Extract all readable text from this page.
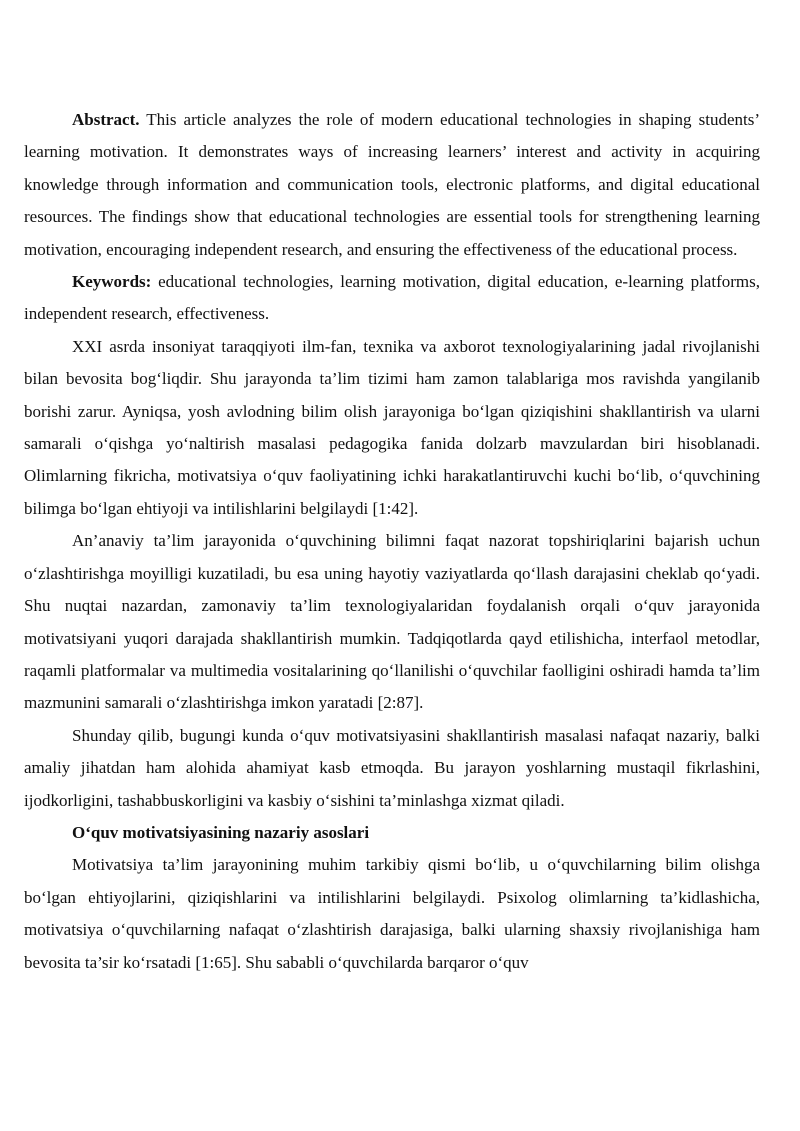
Abstract. This article analyzes the role of modern educational technologies in shaping students’ learning motivation. It demonstrates ways of increasing learners’ interest and activity in acquiring knowledge through information and communication tools, electronic platforms, and digital educational resources. The findings show that educational technologies are essential tools for strengthening learning motivation, encouraging independent research, and ensuring the effectiveness of the educational process.

Keywords: educational technologies, learning motivation, digital education, e-learning platforms, independent research, effectiveness.

XXI asrda insoniyat taraqqiyoti ilm-fan, texnika va axborot texnologiyalarining jadal rivojlanishi bilan bevosita bog‘liqdir. Shu jarayonda ta’lim tizimi ham zamon talablariga mos ravishda yangilanib borishi zarur. Ayniqsa, yosh avlodning bilim olish jarayoniga bo‘lgan qiziqishini shakllantirish va ularni samarali o‘qishga yo‘naltirish masalasi pedagogika fanida dolzarb mavzulardan biri hisoblanadi. Olimlarning fikricha, motivatsiya o‘quv faoliyatining ichki harakatlantiruvchi kuchi bo‘lib, o‘quvchining bilimga bo‘lgan ehtiyoji va intilishlarini belgilaydi [1:42].

An’anaviy ta’lim jarayonida o‘quvchining bilimni faqat nazorat topshiriqlarini bajarish uchun o‘zlashtirishga moyilligi kuzatiladi, bu esa uning hayotiy vaziyatlarda qo‘llash darajasini cheklab qo‘yadi. Shu nuqtai nazardan, zamonaviy ta’lim texnologiyalaridan foydalanish orqali o‘quv jarayonida motivatsiyani yuqori darajada shakllantirish mumkin. Tadqiqotlarda qayd etilishicha, interfaol metodlar, raqamli platformalar va multimedia vositalarining qo‘llanilishi o‘quvchilar faolligini oshiradi hamda ta’lim mazmunini samarali o‘zlashtirishga imkon yaratadi [2:87].

Shunday qilib, bugungi kunda o‘quv motivatsiyasini shakllantirish masalasi nafaqat nazariy, balki amaliy jihatdan ham alohida ahamiyat kasb etmoqda. Bu jarayon yoshlarning mustaqil fikrlashini, ijodkorligini, tashabbuskorligini va kasbiy o‘sishini ta’minlashga xizmat qiladi.

O‘quv motivatsiyasining nazariy asoslari

Motivatsiya ta’lim jarayonining muhim tarkibiy qismi bo‘lib, u o‘quvchilarning bilim olishga bo‘lgan ehtiyojlarini, qiziqishlarini va intilishlarini belgilaydi. Psixolog olimlarning ta’kidlashicha, motivatsiya o‘quvchilarning nafaqat o‘zlashtirish darajasiga, balki ularning shaxsiy rivojlanishiga ham bevosita ta’sir ko‘rsatadi [1:65]. Shu sababli o‘quvchilarda barqaror o‘quv
